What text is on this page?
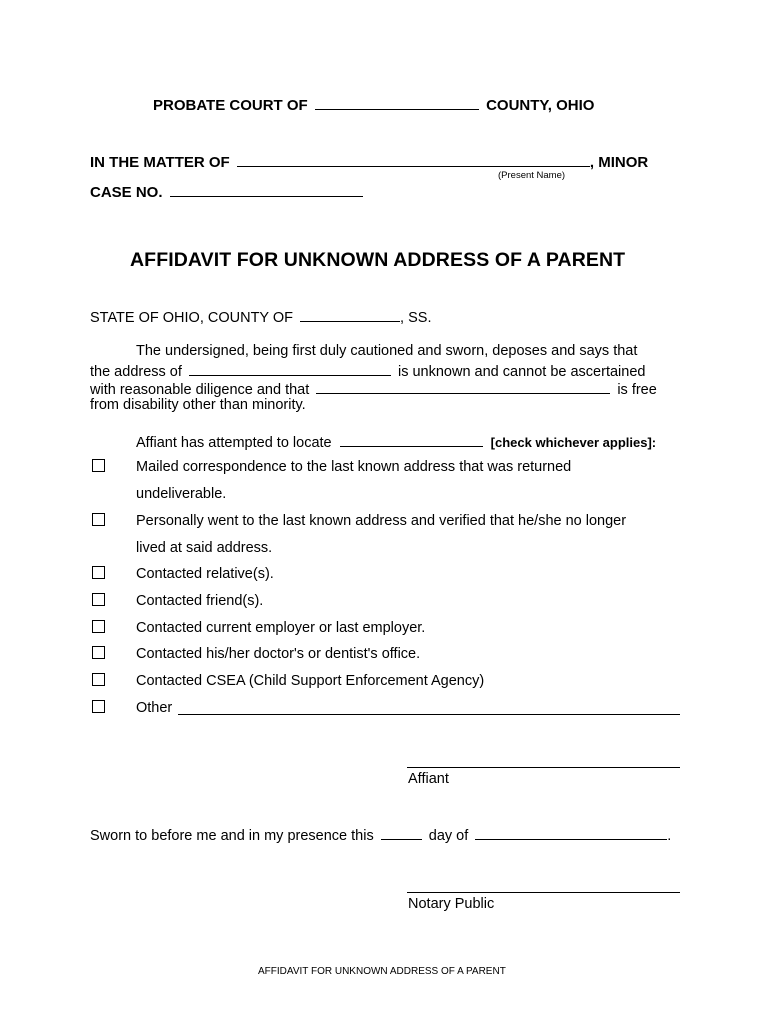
PROBATE COURT OF	COUNTY, OHIO
IN THE MATTER OF	, MINOR
(Present Name)
CASE NO.
AFFIDAVIT FOR UNKNOWN ADDRESS OF A PARENT
STATE OF OHIO, COUNTY OF	, SS.
The undersigned, being first duly cautioned and sworn, deposes and says that
the address of	is unknown and cannot be ascertained
with reasonable diligence and that	is free
from disability other than minority.
Affiant has attempted to locate	[check whichever applies]:
Mailed correspondence to the last known address that was returned
undeliverable.
Personally went to the last known address and verified that he/she no longer
lived at said address.
Contacted relative(s).
Contacted friend(s).
Contacted current employer or last employer.
Contacted his/her doctor's or dentist's office.
Contacted CSEA (Child Support Enforcement Agency)
Other
Affiant
Sworn to before me and in my presence this	day of	.
Notary Public
AFFIDAVIT FOR UNKNOWN ADDRESS OF A PARENT
